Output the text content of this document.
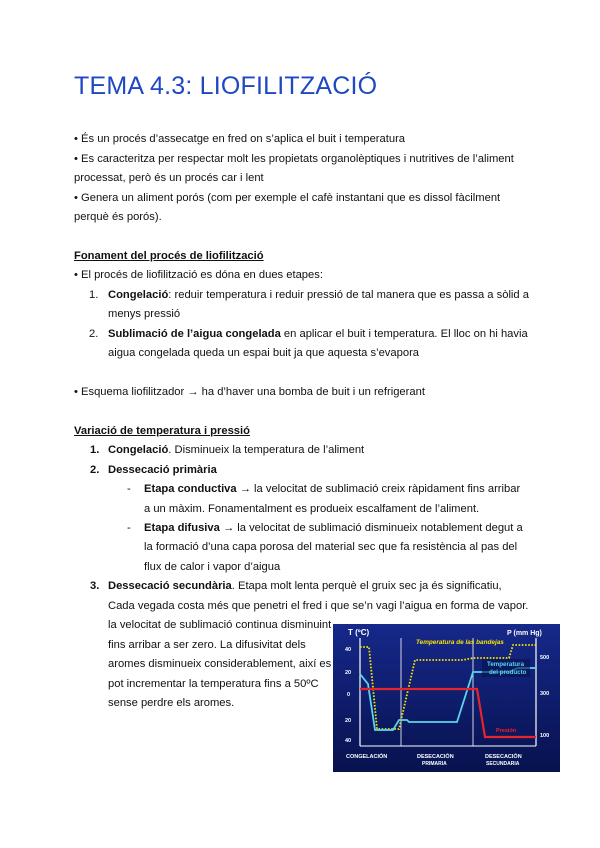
TEMA 4.3: LIOFILITZACIÓ
• És un procés d’assecatge en fred on s’aplica el buit i temperatura
• Es caracteritza per respectar molt les propietats organolèptiques i nutritives de l’aliment
processat, però és un procés car i lent
• Genera un aliment porós (com per exemple el cafè instantani que es dissol fàcilment
perquè és porós).
Fonament del procés de liofilització
• El procés de liofilització es dóna en dues etapes:
1. Congelació: reduir temperatura i reduir pressió de tal manera que es passa a sòlid a
menys pressió
2. Sublimació de l’aigua congelada en aplicar el buit i temperatura. El lloc on hi havia
aigua congelada queda un espai buit ja que aquesta s’evapora
• Esquema liofilitzador → ha d’haver una bomba de buit i un refrigerant
Variació de temperatura i pressió
1. Congelació. Disminueix la temperatura de l’aliment
2. Dessecació primària
- Etapa conductiva → la velocitat de sublimació creix ràpidament fins arribar
a un màxim. Fonamentalment es produeix escalfament de l’aliment.
- Etapa difusiva → la velocitat de sublimació disminueix notablement degut a
la formació d’una capa porosa del material sec que fa resistència al pas del
flux de calor i vapor d’aigua
3. Dessecació secundària. Etapa molt lenta perquè el gruix sec ja és significatiu,
Cada vegada costa més que penetri el fred i que se’n vagi l’aigua en forma de vapor.
la velocitat de sublimació continua disminuint
fins arribar a ser zero. La difusivitat dels
aromes disminueix considerablement, així es
pot incrementar la temperatura fins a 50ºC
sense perdre els aromes.
T (ºC)	P (mm Hg)
40
20
0
20
40
500
300
100
Temperatura de las bandejas
Temperatura
del producto
Presión
CONGELACIÓN	DESECACIÓN
PRIMARIA
DESECACIÓN
SECUNDARIA
